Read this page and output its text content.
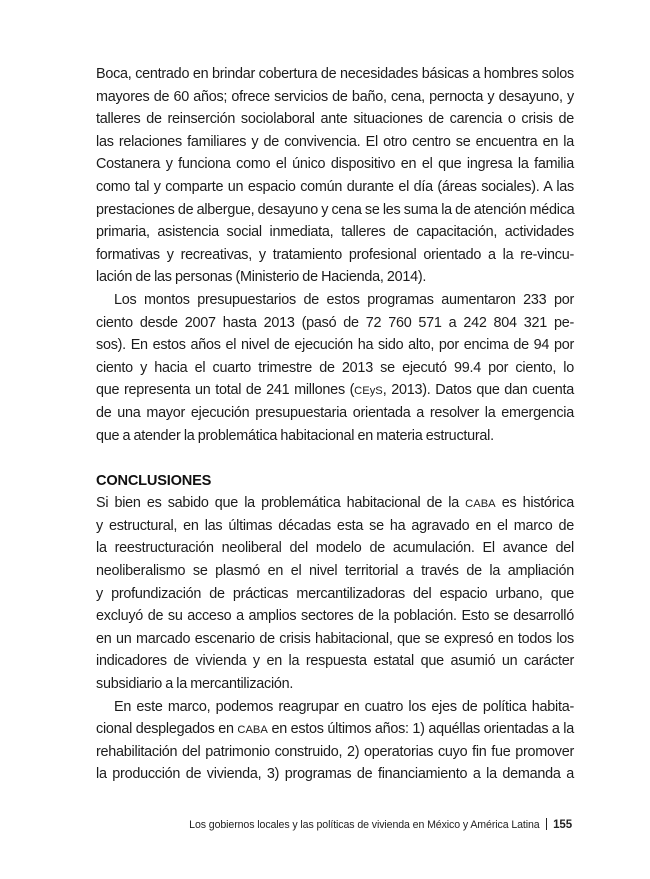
Boca, centrado en brindar cobertura de necesidades básicas a hombres solos
mayores de 60 años; ofrece servicios de baño, cena, pernocta y desayuno, y
talleres de reinserción sociolaboral ante situaciones de carencia o crisis de
las relaciones familiares y de convivencia. El otro centro se encuentra en la
Costanera y funciona como el único dispositivo en el que ingresa la familia
como tal y comparte un espacio común durante el día (áreas sociales). A las
prestaciones de albergue, desayuno y cena se les suma la de atención médica
primaria, asistencia social inmediata, talleres de capacitación, actividades
formativas y recreativas, y tratamiento profesional orientado a la re-vincu-
lación de las personas (Ministerio de Hacienda, 2014).
Los montos presupuestarios de estos programas aumentaron 233 por
ciento desde 2007 hasta 2013 (pasó de 72 760 571 a 242 804 321 pe-
sos). En estos años el nivel de ejecución ha sido alto, por encima de 94 por
ciento y hacia el cuarto trimestre de 2013 se ejecutó 99.4 por ciento, lo
que representa un total de 241 millones (CEyS, 2013). Datos que dan cuenta
de una mayor ejecución presupuestaria orientada a resolver la emergencia
que a atender la problemática habitacional en materia estructural.
CONCLUSIONES
Si bien es sabido que la problemática habitacional de la CABA es histórica
y estructural, en las últimas décadas esta se ha agravado en el marco de
la reestructuración neoliberal del modelo de acumulación. El avance del
neoliberalismo se plasmó en el nivel territorial a través de la ampliación
y profundización de prácticas mercantilizadoras del espacio urbano, que
excluyó de su acceso a amplios sectores de la población. Esto se desarrolló
en un marcado escenario de crisis habitacional, que se expresó en todos los
indicadores de vivienda y en la respuesta estatal que asumió un carácter
subsidiario a la mercantilización.
En este marco, podemos reagrupar en cuatro los ejes de política habita-
cional desplegados en CABA en estos últimos años: 1) aquéllas orientadas a la
rehabilitación del patrimonio construido, 2) operatorias cuyo fin fue promover
la producción de vivienda, 3) programas de financiamiento a la demanda a
Los gobiernos locales y las políticas de vivienda en México y América Latina 155
